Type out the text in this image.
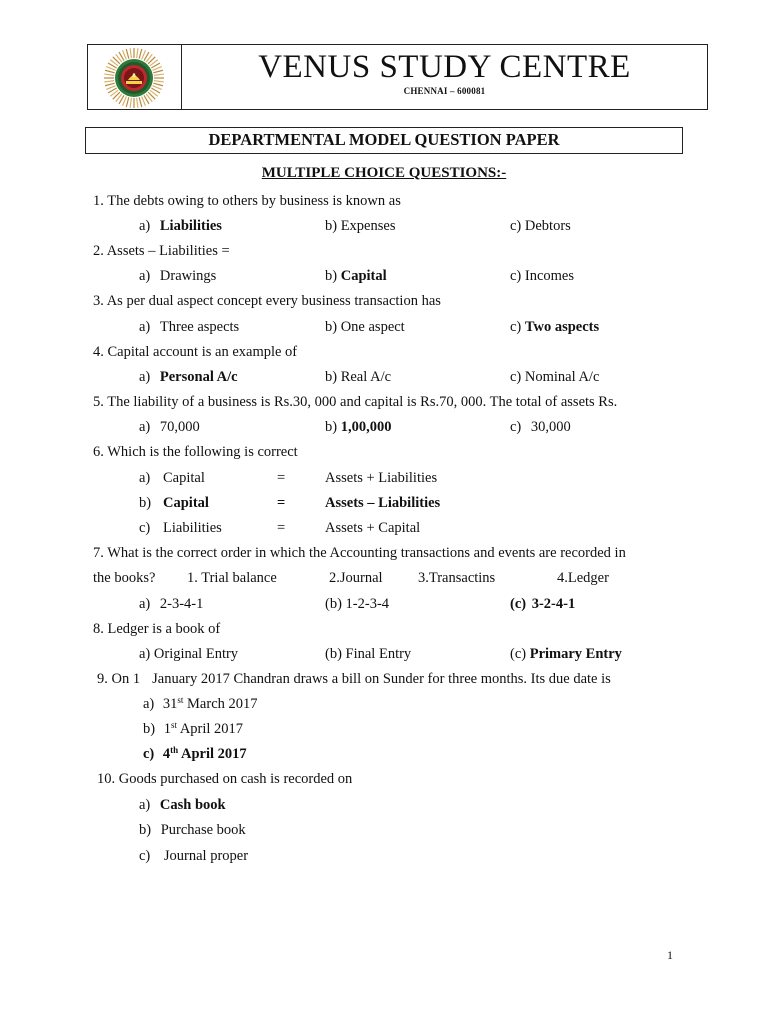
VENUS STUDY CENTRE
CHENNAI – 600081
DEPARTMENTAL MODEL QUESTION PAPER
MULTIPLE CHOICE QUESTIONS:-
1. The debts owing to others by business is known as
a) Liabilities	b) Expenses	c) Debtors
2. Assets – Liabilities =
a) Drawings	b) Capital	c) Incomes
3. As per dual aspect concept every business transaction has
a) Three aspects	b) One aspect	c) Two aspects
4. Capital account is an example of
a) Personal A/c	b) Real A/c	c) Nominal A/c
5. The liability of a business is Rs.30, 000 and capital is Rs.70, 000. The total of assets Rs.
a) 70,000	b) 1,00,000	c) 30,000
6. Which is the following is correct
a) Capital	=	Assets + Liabilities
b) Capital	=	Assets – Liabilities
c) Liabilities	=	Assets + Capital
7. What is the correct order in which the Accounting transactions and events are recorded in
the books? 1. Trial balance	2.Journal 3.Transactins	4.Ledger
a) 2-3-4-1	(b) 1-2-3-4	(c) 3-2-4-1
8. Ledger is a book of
a) Original Entry	(b) Final Entry	(c) Primary Entry
9. On 1 January 2017 Chandran draws a bill on Sunder for three months. Its due date is
a) 31st March 2017
b) 1st April 2017
c) 4th April 2017
10. Goods purchased on cash is recorded on
a) Cash book
b) Purchase book
c) Journal proper
1
